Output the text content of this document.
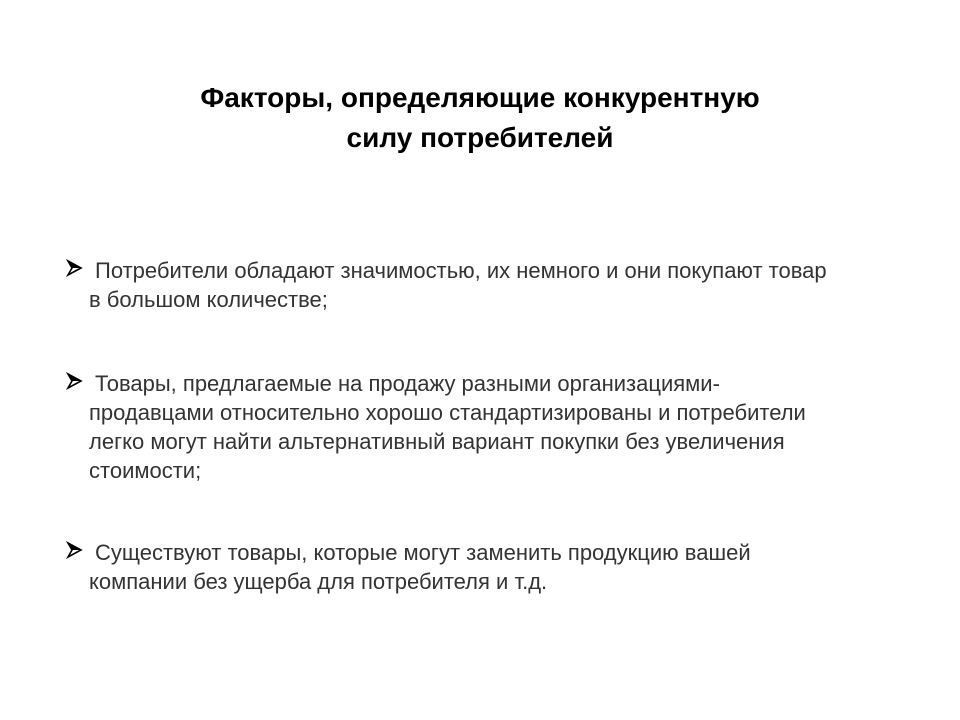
Факторы, определяющие конкурентную
силу потребителей
Потребители обладают значимостью, их немного и они покупают товар
в большом количестве;
Товары, предлагаемые на продажу разными организациями-
продавцами относительно хорошо стандартизированы и потребители
легко могут найти альтернативный вариант покупки без увеличения
стоимости;
Существуют товары, которые могут заменить продукцию вашей
компании без ущерба для потребителя и т.д.
